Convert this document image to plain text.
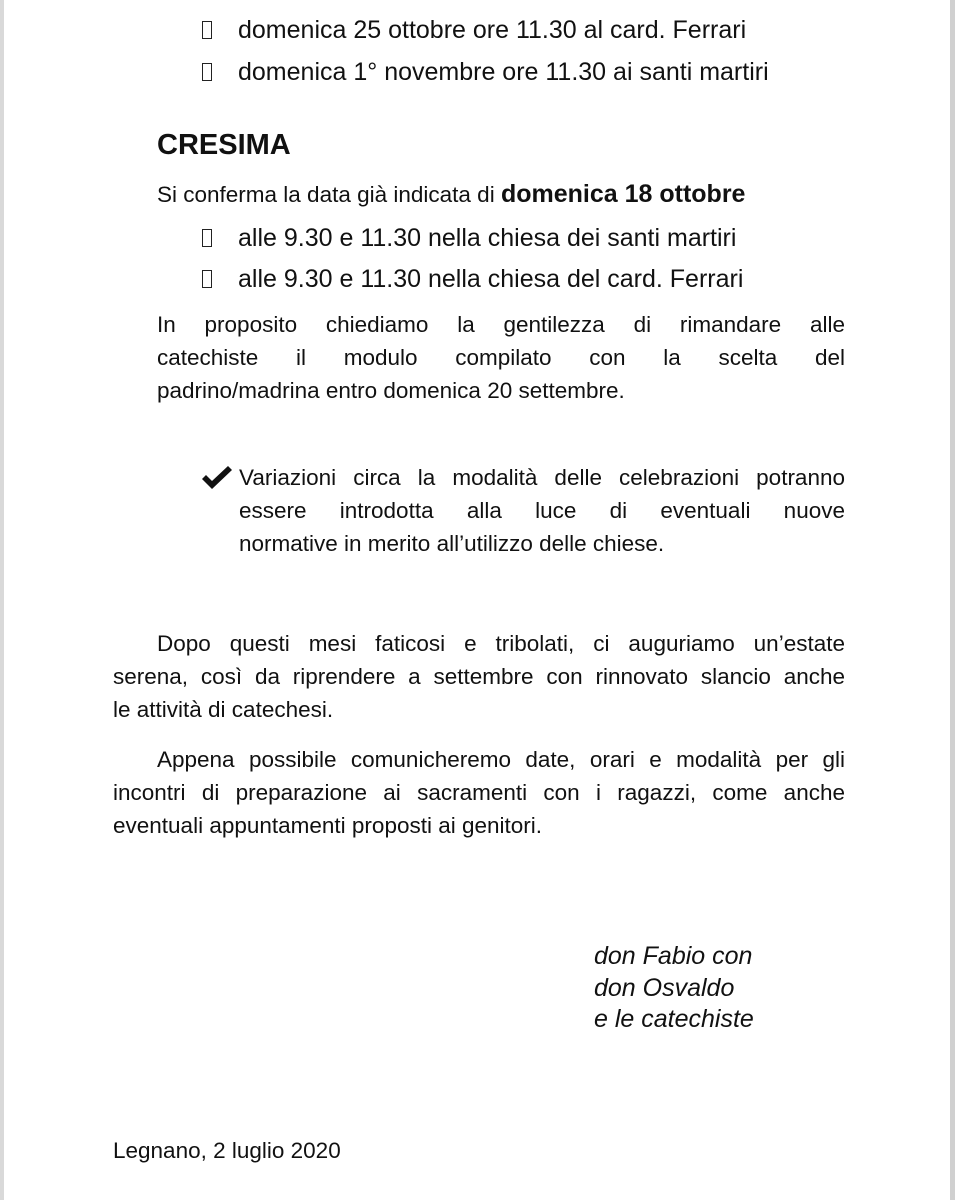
domenica 25 ottobre ore 11.30 al card. Ferrari
domenica 1° novembre ore 11.30 ai santi martiri
CRESIMA
Si conferma la data già indicata di domenica 18 ottobre
alle 9.30 e 11.30 nella chiesa dei santi martiri
alle 9.30 e 11.30 nella chiesa del card. Ferrari
In proposito chiediamo la gentilezza di rimandare alle
catechiste il modulo compilato con la scelta del
padrino/madrina entro domenica 20 settembre.
Variazioni circa la modalità delle celebrazioni potranno
essere introdotta alla luce di eventuali nuove
normative in merito all’utilizzo delle chiese.
Dopo questi mesi faticosi e tribolati, ci auguriamo un’estate
serena, così da riprendere a settembre con rinnovato slancio anche
le attività di catechesi.
Appena possibile comunicheremo date, orari e modalità per gli
incontri di preparazione ai sacramenti con i ragazzi, come anche
eventuali appuntamenti proposti ai genitori.
don Fabio con
don Osvaldo
e le catechiste
Legnano, 2 luglio 2020
